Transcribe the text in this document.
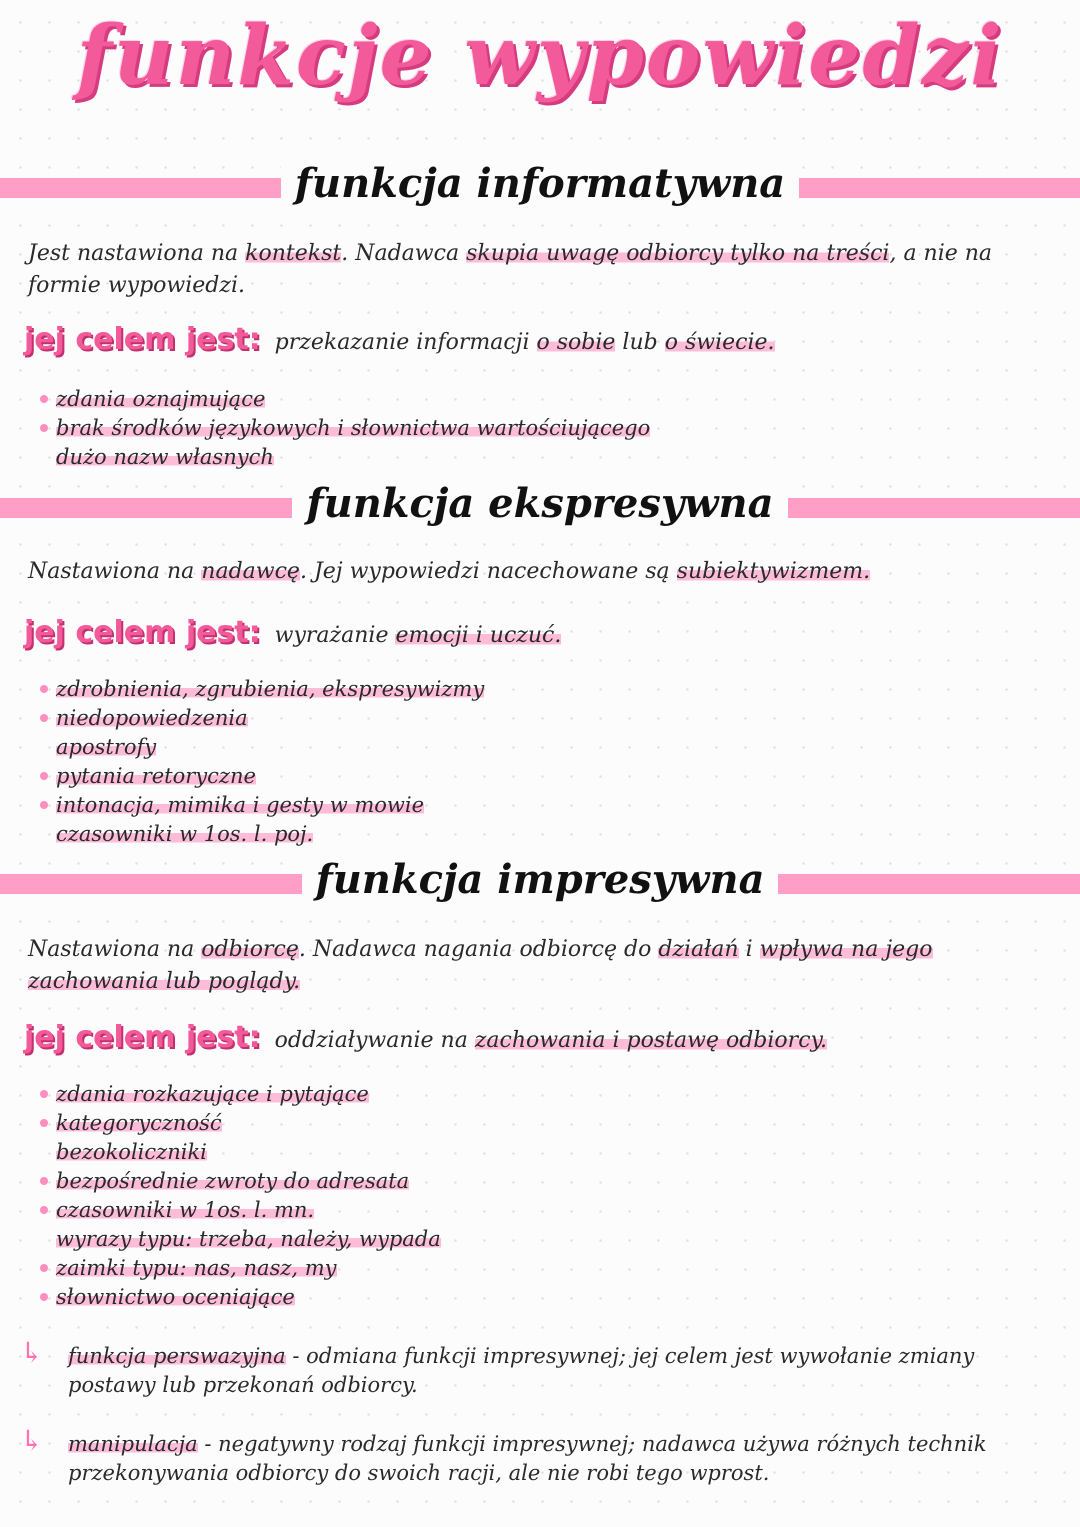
funkcje wypowiedzi
funkcja informatywna
Jest nastawiona na kontekst. Nadawca skupia uwagę odbiorcy tylko na treści, a nie na formie wypowiedzi.
jej celem jest: przekazanie informacji o sobie lub o świecie.
zdania oznajmujące
brak środków językowych i słownictwa wartościującego
dużo nazw własnych
funkcja ekspresywna
Nastawiona na nadawcę. Jej wypowiedzi nacechowane są subiektywizmem.
jej celem jest: wyrażanie emocji i uczuć.
zdrobnienia, zgrubienia, ekspresywizmy
niedopowiedzenia
apostrofy
pytania retoryczne
intonacja, mimika i gesty w mowie
czasowniki w 1os. l. poj.
funkcja impresywna
Nastawiona na odbiorcę. Nadawca nagania odbiorcę do działań i wpływa na jego zachowania lub poglądy.
jej celem jest: oddziaływanie na zachowania i postawę odbiorcy.
zdania rozkazujące i pytające
kategoryczność
bezokoliczniki
bezpośrednie zwroty do adresata
czasowniki w 1os. l. mn.
wyrazy typu: trzeba, należy, wypada
zaimki typu: nas, nasz, my
słownictwo oceniające
↳ funkcja perswazyjna - odmiana funkcji impresywnej; jej celem jest wywołanie zmiany postawy lub przekonań odbiorcy.
↳ manipulacja - negatywny rodzaj funkcji impresywnej; nadawca używa różnych technik przekonywania odbiorcy do swoich racji, ale nie robi tego wprost.
